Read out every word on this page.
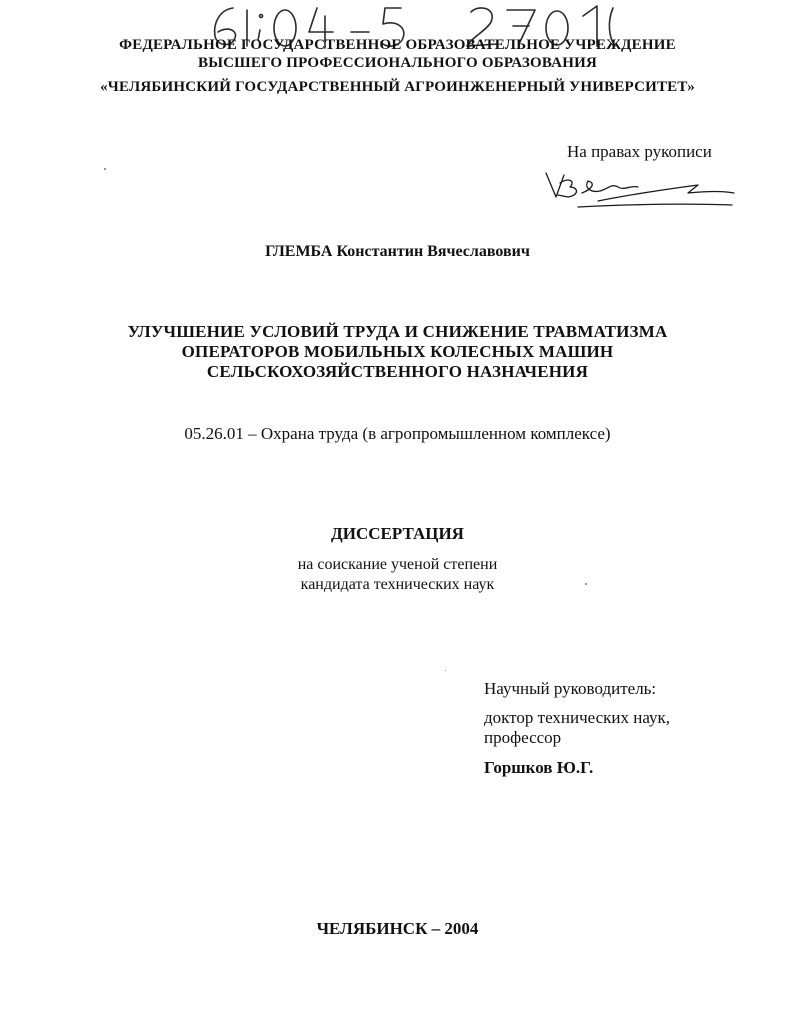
ФЕДЕРАЛЬНОЕ ГОСУДАРСТВЕННОЕ ОБРАЗОВАТЕЛЬНОЕ УЧРЕЖДЕНИЕ
ВЫСШЕГО ПРОФЕССИОНАЛЬНОГО ОБРАЗОВАНИЯ
«ЧЕЛЯБИНСКИЙ ГОСУДАРСТВЕННЫЙ АГРОИНЖЕНЕРНЫЙ УНИВЕРСИТЕТ»
На правах рукописи
ГЛЕМБА Константин Вячеславович
УЛУЧШЕНИЕ УСЛОВИЙ ТРУДА И СНИЖЕНИЕ ТРАВМАТИЗМА
ОПЕРАТОРОВ МОБИЛЬНЫХ КОЛЕСНЫХ МАШИН
СЕЛЬСКОХОЗЯЙСТВЕННОГО НАЗНАЧЕНИЯ
05.26.01 – Охрана труда (в агропромышленном комплексе)
ДИССЕРТАЦИЯ
на соискание ученой степени
кандидата технических наук
Научный руководитель:
доктор технических наук,
профессор
Горшков Ю.Г.
ЧЕЛЯБИНСК – 2004
